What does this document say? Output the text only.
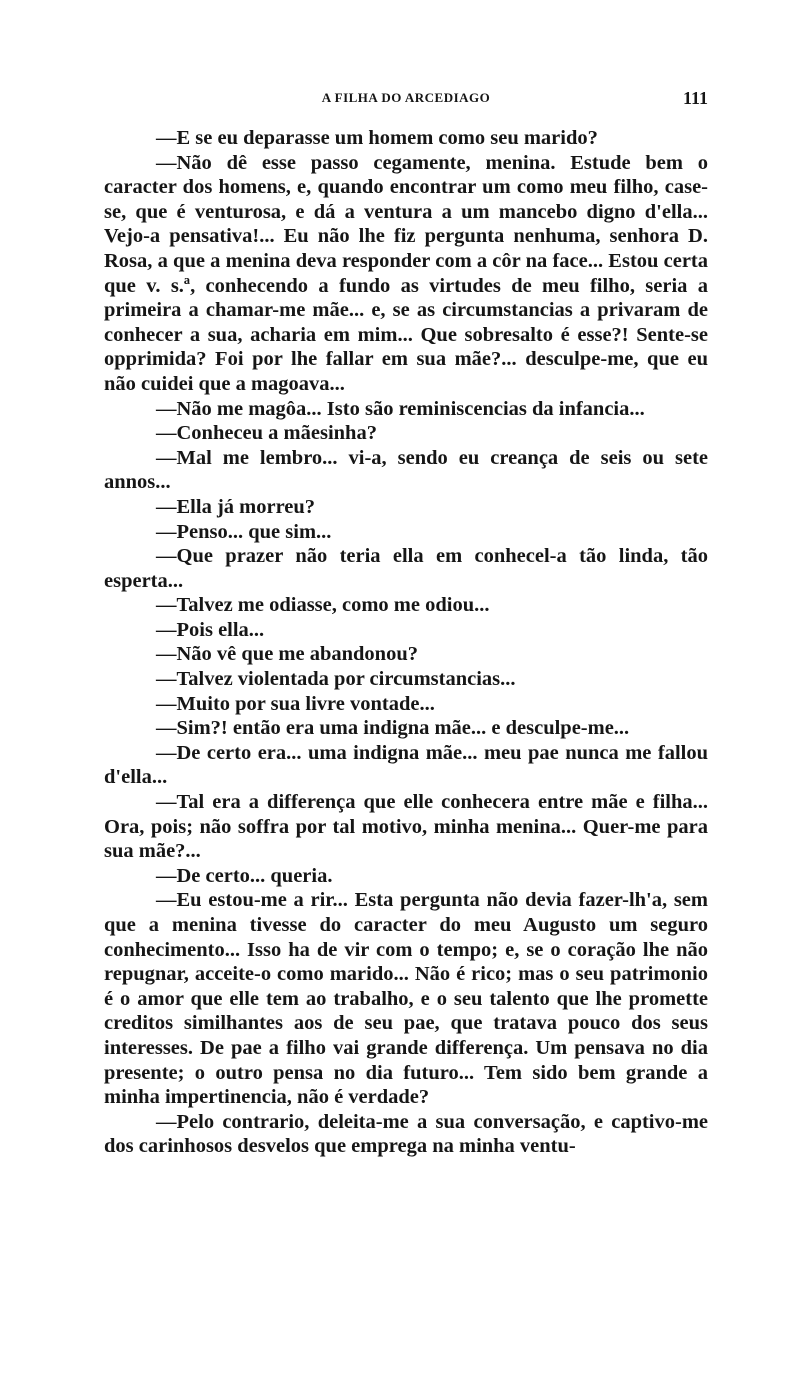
A FILHA DO ARCEDIAGO	111

—E se eu deparasse um homem como seu marido?

—Não dê esse passo cegamente, menina. Estude bem o caracter dos homens, e, quando encontrar um como meu filho, case-se, que é venturosa, e dá a ventura a um mancebo digno d'ella... Vejo-a pensativa!... Eu não lhe fiz pergunta nenhuma, senhora D. Rosa, a que a menina deva responder com a côr na face... Estou certa que v. s.ª, conhecendo a fundo as virtudes de meu filho, seria a primeira a chamar-me mãe... e, se as circumstancias a privaram de conhecer a sua, acharia em mim... Que sobresalto é esse?! Sente-se opprimida? Foi por lhe fallar em sua mãe?... desculpe-me, que eu não cuidei que a magoava...

—Não me magôa... Isto são reminiscencias da infancia...

—Conheceu a mãesinha?

—Mal me lembro... vi-a, sendo eu creança de seis ou sete annos...

—Ella já morreu?

—Penso... que sim...

—Que prazer não teria ella em conhecel-a tão linda, tão esperta...

—Talvez me odiasse, como me odiou...

—Pois ella...

—Não vê que me abandonou?

—Talvez violentada por circumstancias...

—Muito por sua livre vontade...

—Sim?! então era uma indigna mãe... e desculpe-me...

—De certo era... uma indigna mãe... meu pae nunca me fallou d'ella...

—Tal era a differença que elle conhecera entre mãe e filha... Ora, pois; não soffra por tal motivo, minha menina... Quer-me para sua mãe?...

—De certo... queria.

—Eu estou-me a rir... Esta pergunta não devia fazer-lh'a, sem que a menina tivesse do caracter do meu Augusto um seguro conhecimento... Isso ha de vir com o tempo; e, se o coração lhe não repugnar, acceite-o como marido... Não é rico; mas o seu patrimonio é o amor que elle tem ao trabalho, e o seu talento que lhe promette creditos similhantes aos de seu pae, que tratava pouco dos seus interesses. De pae a filho vai grande differença. Um pensava no dia presente; o outro pensa no dia futuro... Tem sido bem grande a minha impertinencia, não é verdade?

—Pelo contrario, deleita-me a sua conversação, e captivo-me dos carinhosos desvelos que emprega na minha ventu-
